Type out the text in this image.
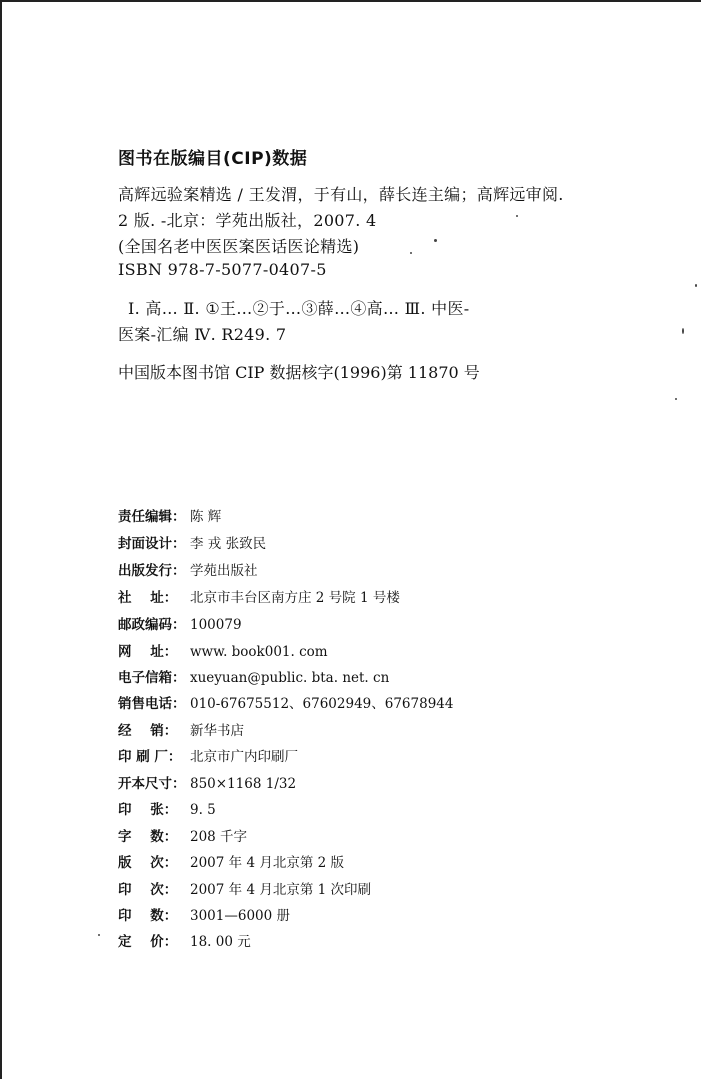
图书在版编目(CIP)数据
高辉远验案精选 / 王发渭，于有山，薛长连主编；高辉远审阅.
2 版. -北京：学苑出版社，2007. 4
(全国名老中医医案医话医论精选)
ISBN 978-7-5077-0407-5
Ⅰ. 高… Ⅱ. ①王…②于…③薛…④高… Ⅲ. 中医-
医案-汇编 Ⅳ. R249. 7
中国版本图书馆 CIP 数据核字(1996)第 11870 号
责任编辑： 陈 辉
封面设计： 李 戎 张致民
出版发行： 学苑出版社
社    址： 北京市丰台区南方庄 2 号院 1 号楼
邮政编码： 100079
网    址： www. book001. com
电子信箱： xueyuan@public. bta. net. cn
销售电话： 010-67675512、67602949、67678944
经    销： 新华书店
印 刷 厂： 北京市广内印刷厂
开本尺寸： 850×1168 1/32
印    张： 9. 5
字    数： 208 千字
版    次： 2007 年 4 月北京第 2 版
印    次： 2007 年 4 月北京第 1 次印刷
印    数： 3001—6000 册
定    价： 18. 00 元
